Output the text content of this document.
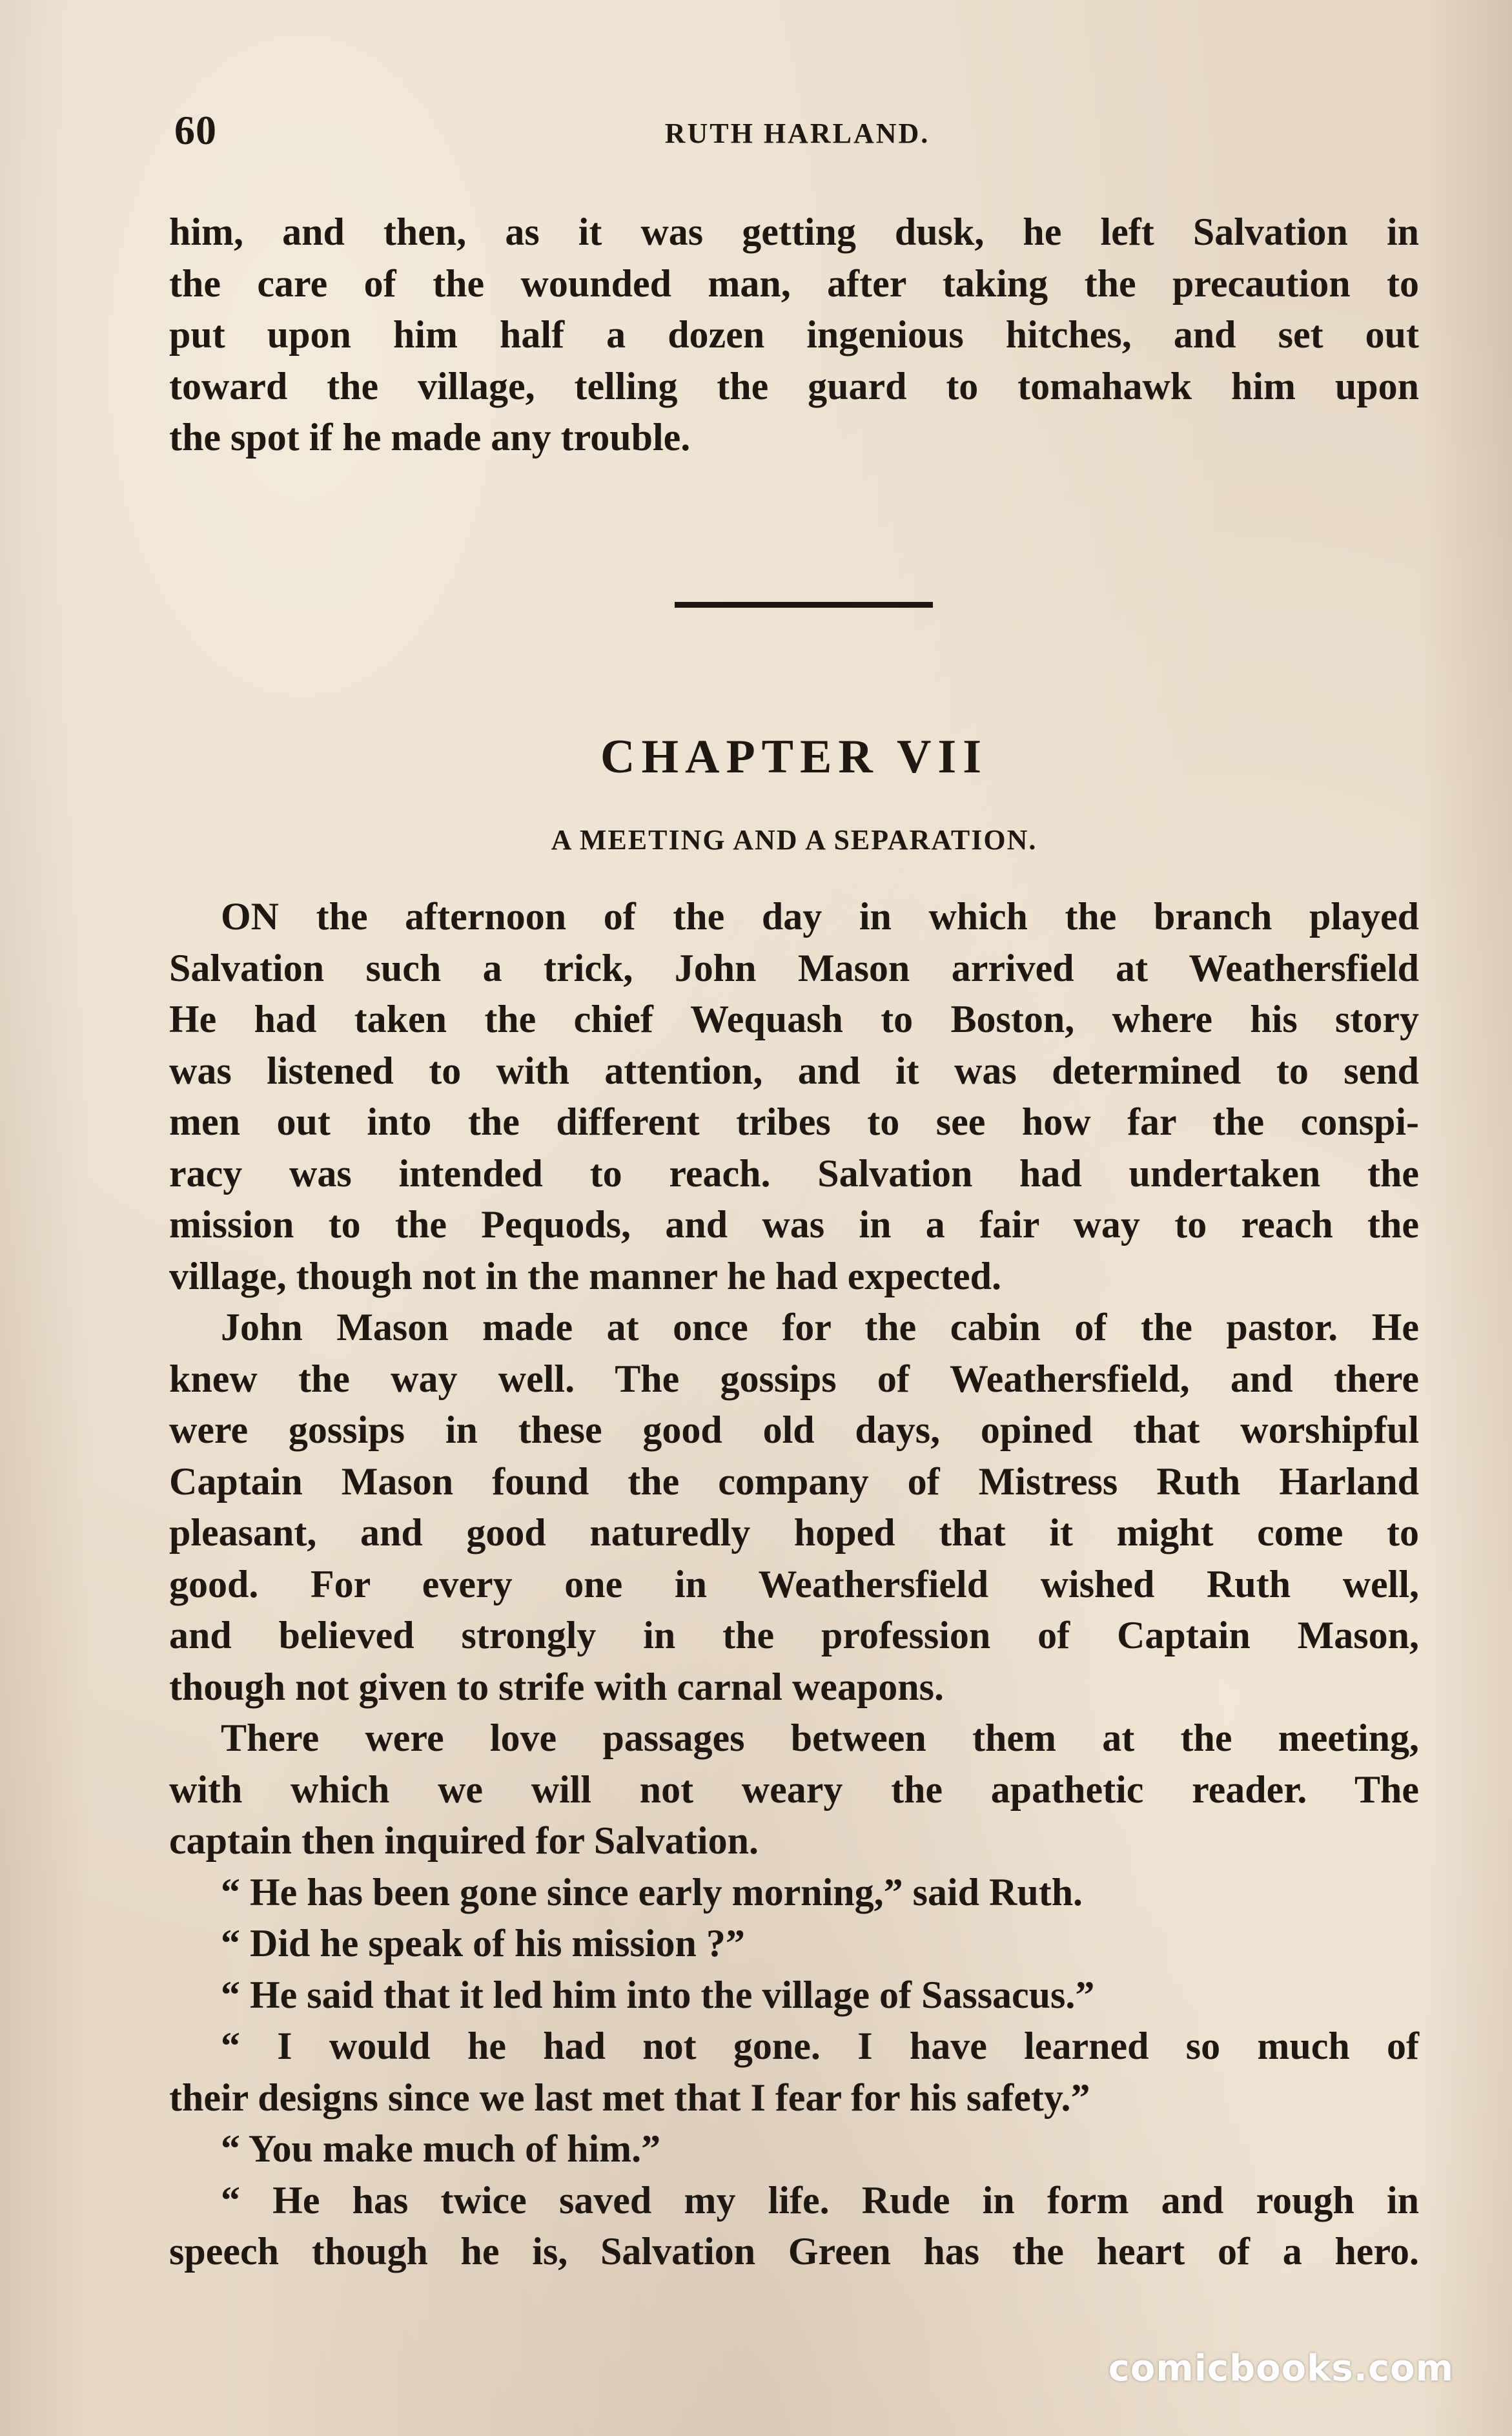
60	RUTH HARLAND.

him, and then, as it was getting dusk, he left Salvation in

the care of the wounded man, after taking the precaution to

put upon him half a dozen ingenious hitches, and set out

toward the village, telling the guard to tomahawk him upon

the spot if he made any trouble.

CHAPTER VII
A MEETING AND A SEPARATION.

ON the afternoon of the day in which the branch played

Salvation such a trick, John Mason arrived at Weathersfield

He had taken the chief Wequash to Boston, where his story

was listened to with attention, and it was determined to send

men out into the different tribes to see how far the conspi-

racy was intended to reach. Salvation had undertaken the

mission to the Pequods, and was in a fair way to reach the

village, though not in the manner he had expected.

John Mason made at once for the cabin of the pastor. He

knew the way well. The gossips of Weathersfield, and there

were gossips in these good old days, opined that worshipful

Captain Mason found the company of Mistress Ruth Harland

pleasant, and good naturedly hoped that it might come to

good. For every one in Weathersfield wished Ruth well,

and believed strongly in the profession of Captain Mason,

though not given to strife with carnal weapons.

There were love passages between them at the meeting,

with which we will not weary the apathetic reader. The

captain then inquired for Salvation.

“ He has been gone since early morning,” said Ruth.

“ Did he speak of his mission ?”

“ He said that it led him into the village of Sassacus.”

“ I would he had not gone. I have learned so much of

their designs since we last met that I fear for his safety.”

“ You make much of him.”

“ He has twice saved my life. Rude in form and rough in

speech though he is, Salvation Green has the heart of a hero.

comicbooks.com
